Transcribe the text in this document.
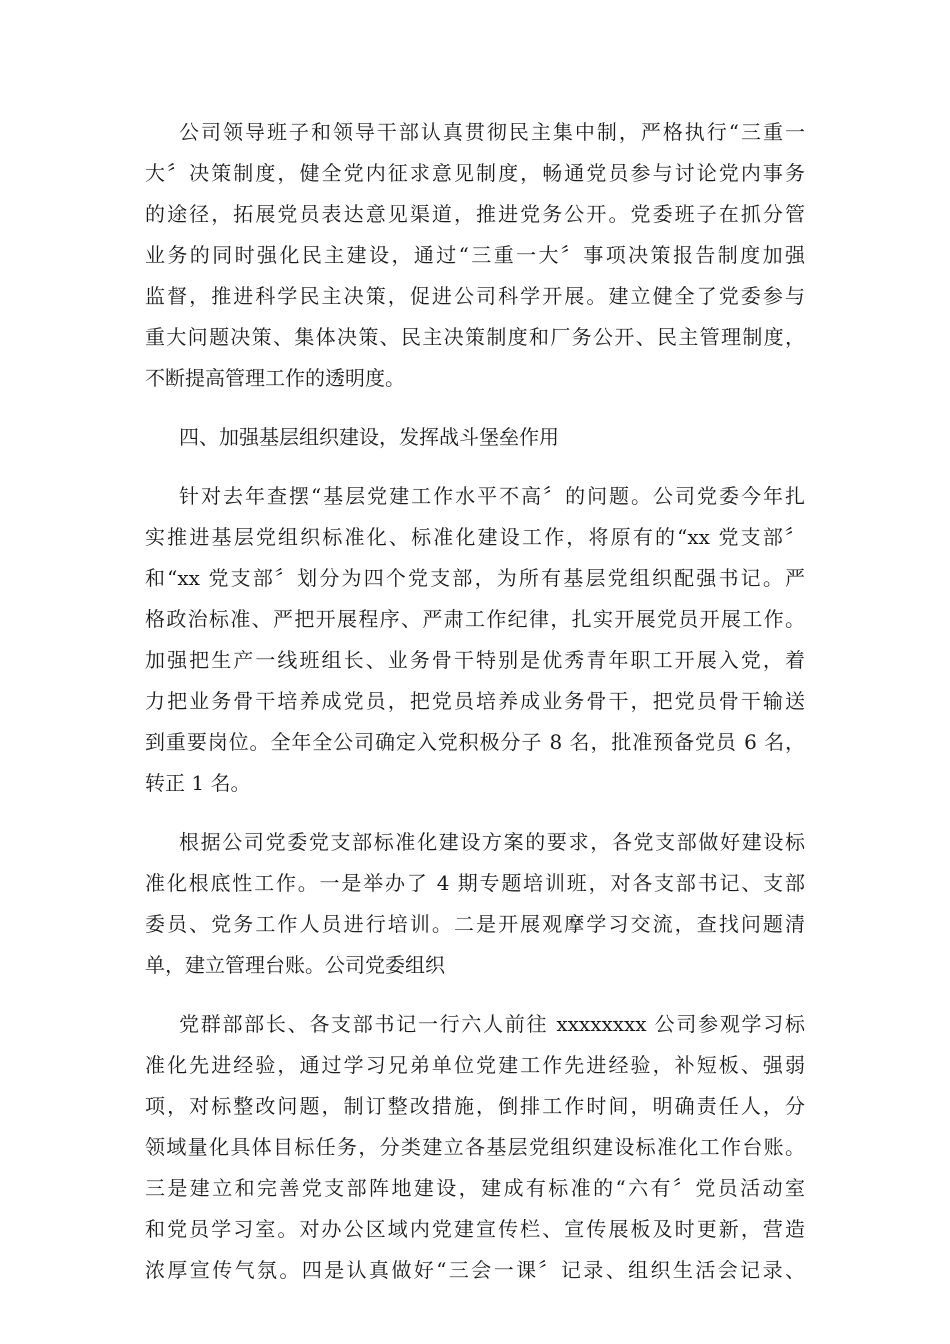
公司领导班子和领导干部认真贯彻民主集中制，严格执行“三重一
大〞决策制度，健全党内征求意见制度，畅通党员参与讨论党内事务
的途径，拓展党员表达意见渠道，推进党务公开。党委班子在抓分管
业务的同时强化民主建设，通过“三重一大〞事项决策报告制度加强
监督，推进科学民主决策，促进公司科学开展。建立健全了党委参与
重大问题决策、集体决策、民主决策制度和厂务公开、民主管理制度，
不断提高管理工作的透明度。
四、加强基层组织建设，发挥战斗堡垒作用
针对去年查摆“基层党建工作水平不高〞的问题。公司党委今年扎
实推进基层党组织标准化、标准化建设工作，将原有的“xx 党支部〞
和“xx 党支部〞划分为四个党支部，为所有基层党组织配强书记。严
格政治标准、严把开展程序、严肃工作纪律，扎实开展党员开展工作。
加强把生产一线班组长、业务骨干特别是优秀青年职工开展入党，着
力把业务骨干培养成党员，把党员培养成业务骨干，把党员骨干输送
到重要岗位。全年全公司确定入党积极分子 8 名，批准预备党员 6 名，
转正 1 名。
根据公司党委党支部标准化建设方案的要求，各党支部做好建设标
准化根底性工作。一是举办了 4 期专题培训班，对各支部书记、支部
委员、党务工作人员进行培训。二是开展观摩学习交流，查找问题清
单，建立管理台账。公司党委组织
党群部部长、各支部书记一行六人前往 xxxxxxxx 公司参观学习标
准化先进经验，通过学习兄弟单位党建工作先进经验，补短板、强弱
项，对标整改问题，制订整改措施，倒排工作时间，明确责任人，分
领域量化具体目标任务，分类建立各基层党组织建设标准化工作台账。
三是建立和完善党支部阵地建设，建成有标准的“六有〞党员活动室
和党员学习室。对办公区域内党建宣传栏、宣传展板及时更新，营造
浓厚宣传气氛。四是认真做好“三会一课〞记录、组织生活会记录、
